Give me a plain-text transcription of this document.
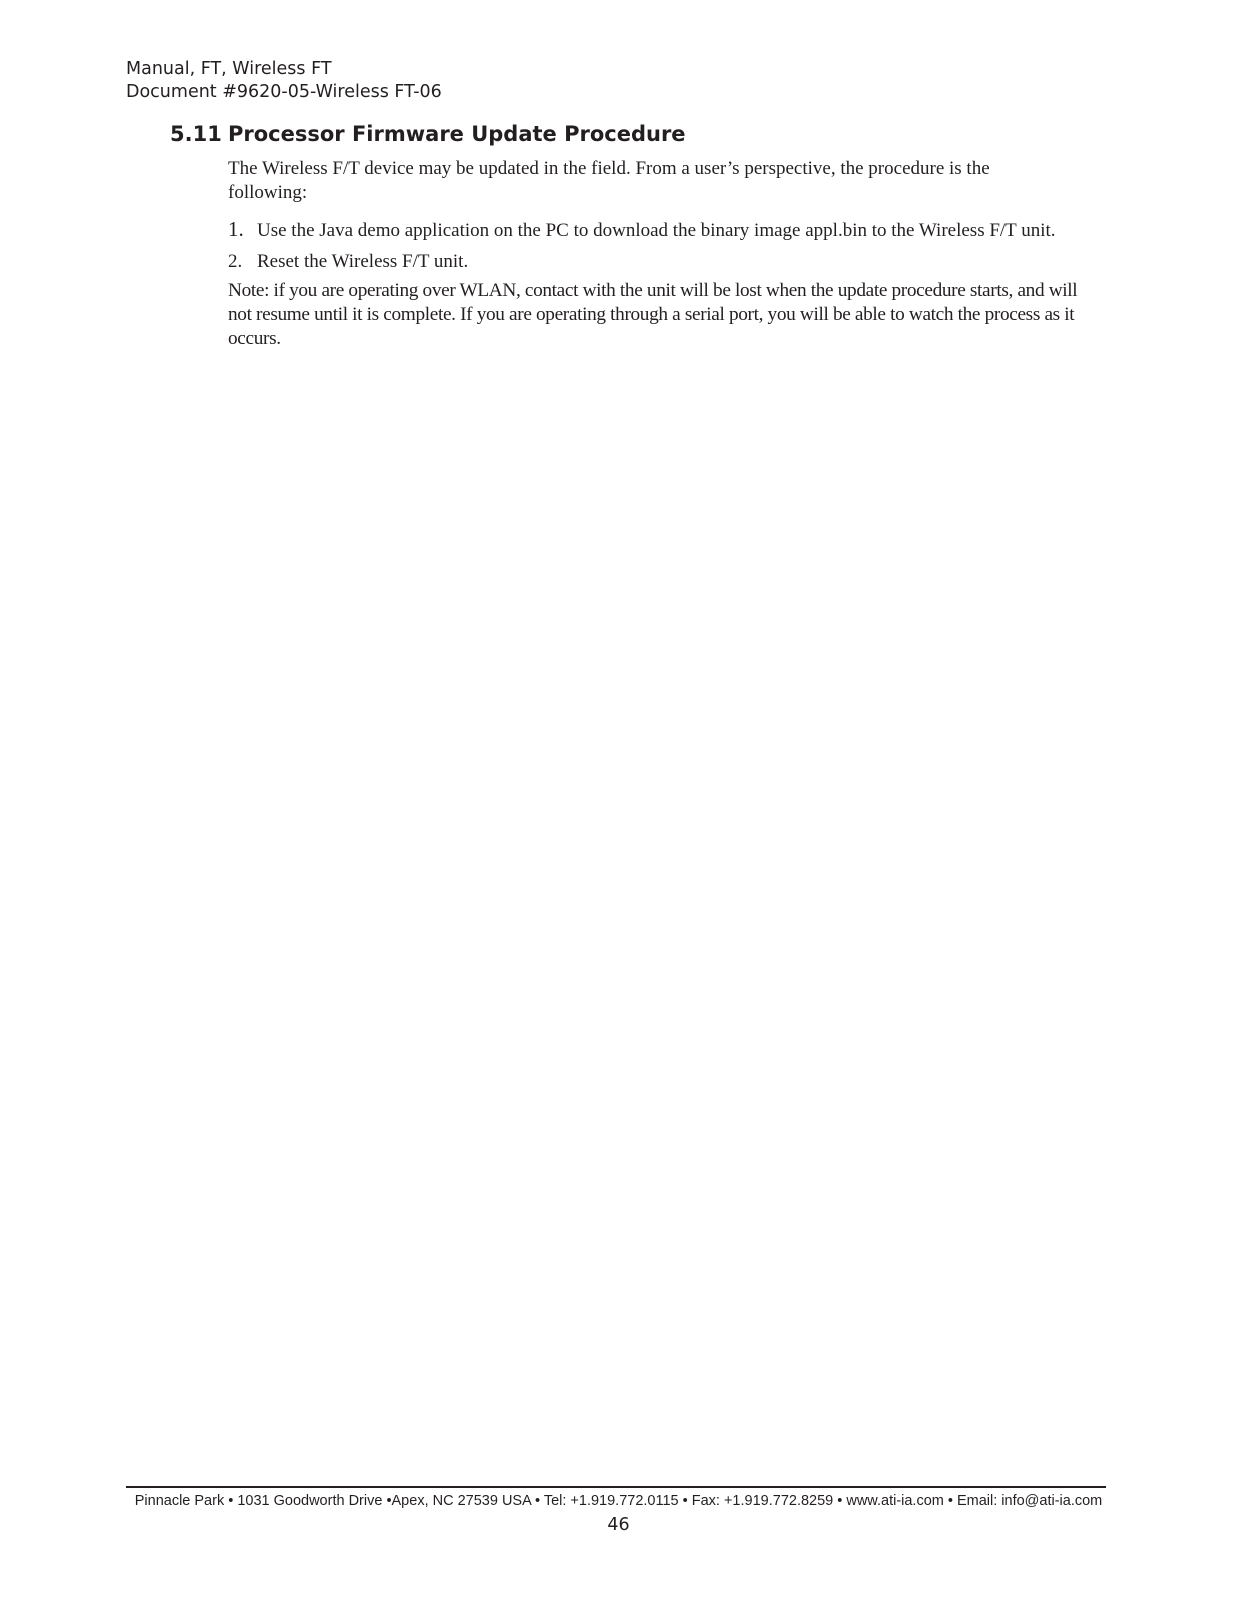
Manual, FT, Wireless FT
Document #9620-05-Wireless FT-06
5.11 Processor Firmware Update Procedure
The Wireless F/T device may be updated in the field. From a user’s perspective, the procedure is the following:
1. Use the Java demo application on the PC to download the binary image appl.bin to the Wireless F/T unit.
2. Reset the Wireless F/T unit.
Note: if you are operating over WLAN, contact with the unit will be lost when the update procedure starts, and will not resume until it is complete. If you are operating through a serial port, you will be able to watch the process as it occurs.
Pinnacle Park • 1031 Goodworth Drive •Apex, NC 27539 USA • Tel: +1.919.772.0115 • Fax: +1.919.772.8259 • www.ati-ia.com • Email: info@ati-ia.com
46
